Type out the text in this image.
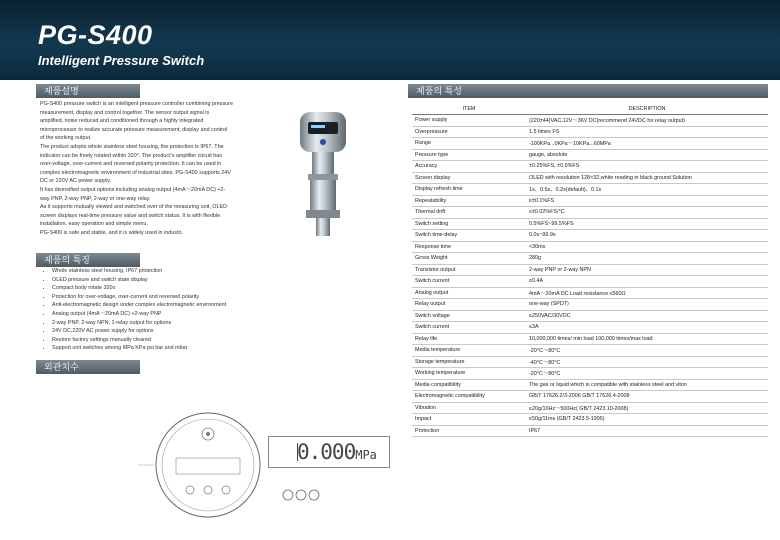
PG-S400
Intelligent Pressure Switch
제품설명

PG-S400 pressure switch is an intelligent pressure controller combining pressure

measurement, display and control together. The sensor output signal is

amplified, noise reduced and conditioned through a highly integrated

microprocessor to realize accurate pressure measurement, display and control

of the working output.

The product adopts whole stainless steel housing, the protection is IP67. The

indicator can be freely rotated within 320°. The product's amplifier circuit has

over-voltage, over-current and reversed polarity protection. It can be used in

complex electromagnetic environment of industrial sites. PG-S400 supports 24V

DC or 220V AC power supply.

It has diversified output options including analog output (4mA～20mA DC) +2-

way PNP, 2-way PNP, 2-way or one-way relay.

As it supports mutually viewed and switched over of the measuring unit, OLED

screen displays real-time pressure value and switch status. It is with flexible

installation, easy operation and simple menu.

PG-S400 is safe and stable, and it is widely used in industri.

제품의 특징
• Whole stainless steel housing, IP67 protection
• OLED pressure and switch state display
• Compact body rotate 320o
• Protection for over-voltage, over-current and reversed polarity
• Anti-electromagnetic design under complex electromagnetic environment
• Analog output (4mA～20mA DC) +2-way PNP
• 2-way PNP, 2-way NPN, 1-relay output for options
• 24V DC,220V AC power supply for options
• Restore factory settings manually cleared
• Support unit switches among MPa KPa psi bar and mbar
외관치수
0.000MPa
제품의 특성
ITEM	DESCRIPTION
Power supply	(220±44)VAC,12V～36V DC(recommend 24VDC for relay output)
Overpressure	1.5 times FS
Range	-100KPa...0KPa～10KPa...60MPa
Pressure type	gauge, absolute
Accuracy	±0.25%FS, ±0.5%FS
Screen display	OLED with resolution 128×32,white reading in black ground Solution
Display refresh time	1s、0.5s、0.2s(default)、0.1s
Repeatability	≤±0.1%FS
Thermal drift	≤±0.02%FS/°C
Switch setting	0.5%FS~99.5%FS
Switch time-delay	0.0s~99.9s
Response time	<30ms
Gross Weight	280g
Transistor output	2-way PNP or 2-way NPN
Switch current	≤0.4A
Analog output	4mA～20mA DC Load resistance ≤560Ω
Relay output	one-way (SPDT)
Switch voltage	≤250VAC/30VDC
Switch current	≤3A
Relay life	10,000,000 times/ min load 100,000 times/max load
Media temperature	-20°C～80°C
Storage temperature	-40°C～80°C
Working temperature	-20°C～80°C
Media compatibility	The gas or liquid which is compatible with stainless steel and viton
Electromagnetic compatibility	GB/T 17626.2/3-2006 GB/T 17626.4-2008
Vibration	≤20g/10Hz～500Hz( GB/T 2423.10-2008)
Impact	≤50g/11ms (GB/T 2423.5-1995)
Protection	IP67
